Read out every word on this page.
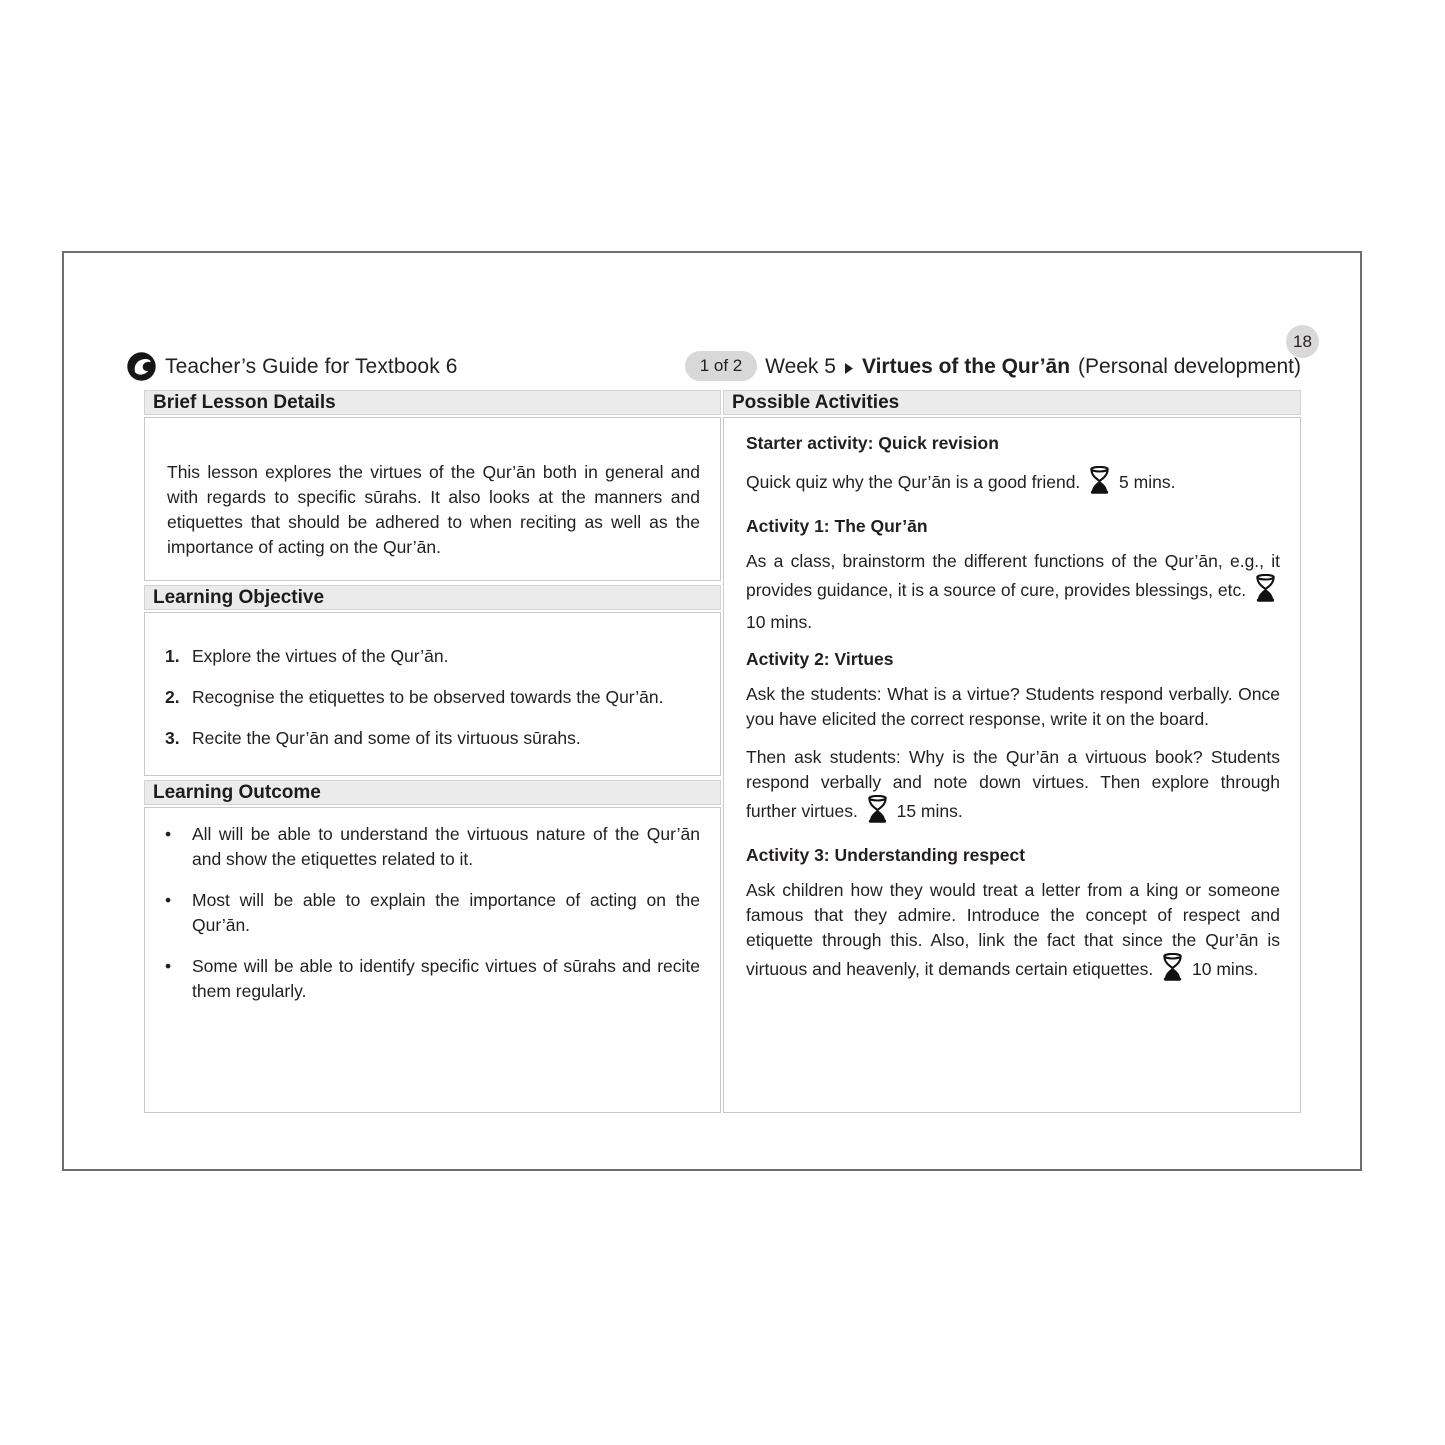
18
Teacher’s Guide for Textbook 6	1 of 2	Week 5 Virtues of the Qur’ān (Personal development)
Brief Lesson Details

This lesson explores the virtues of the Qur’ān both in general and with regards to specific sūrahs. It also looks at the manners and etiquettes that should be adhered to when reciting as well as the importance of acting on the Qur’ān.

Learning Objective
1. Explore the virtues of the Qur’ān.
2. Recognise the etiquettes to be observed towards the Qur’ān.
3. Recite the Qur’ān and some of its virtuous sūrahs.
Learning Outcome
•
All will be able to understand the virtuous nature of the Qur’ān and show the etiquettes related to it.
•
Most will be able to explain the importance of acting on the Qur’ān.
•
Some will be able to identify specific virtues of sūrahs and recite them regularly.
Possible Activities
Starter activity: Quick revision

Quick quiz why the Qur’ān is a good friend. 5 mins.

Activity 1: The Qur’ān

As a class, brainstorm the different functions of the Qur’ān, e.g., it provides guidance, it is a source of cure, provides blessings, etc.  10 mins.

Activity 2: Virtues

Ask the students: What is a virtue? Students respond verbally. Once you have elicited the correct response, write it on the board.

Then ask students: Why is the Qur’ān a virtuous book? Students respond verbally and note down virtues. Then explore through further virtues. 15 mins.

Activity 3: Understanding respect

Ask children how they would treat a letter from a king or someone famous that they admire. Introduce the concept of respect and etiquette through this. Also, link the fact that since the Qur’ān is virtuous and heavenly, it demands certain etiquettes. 10 mins.
